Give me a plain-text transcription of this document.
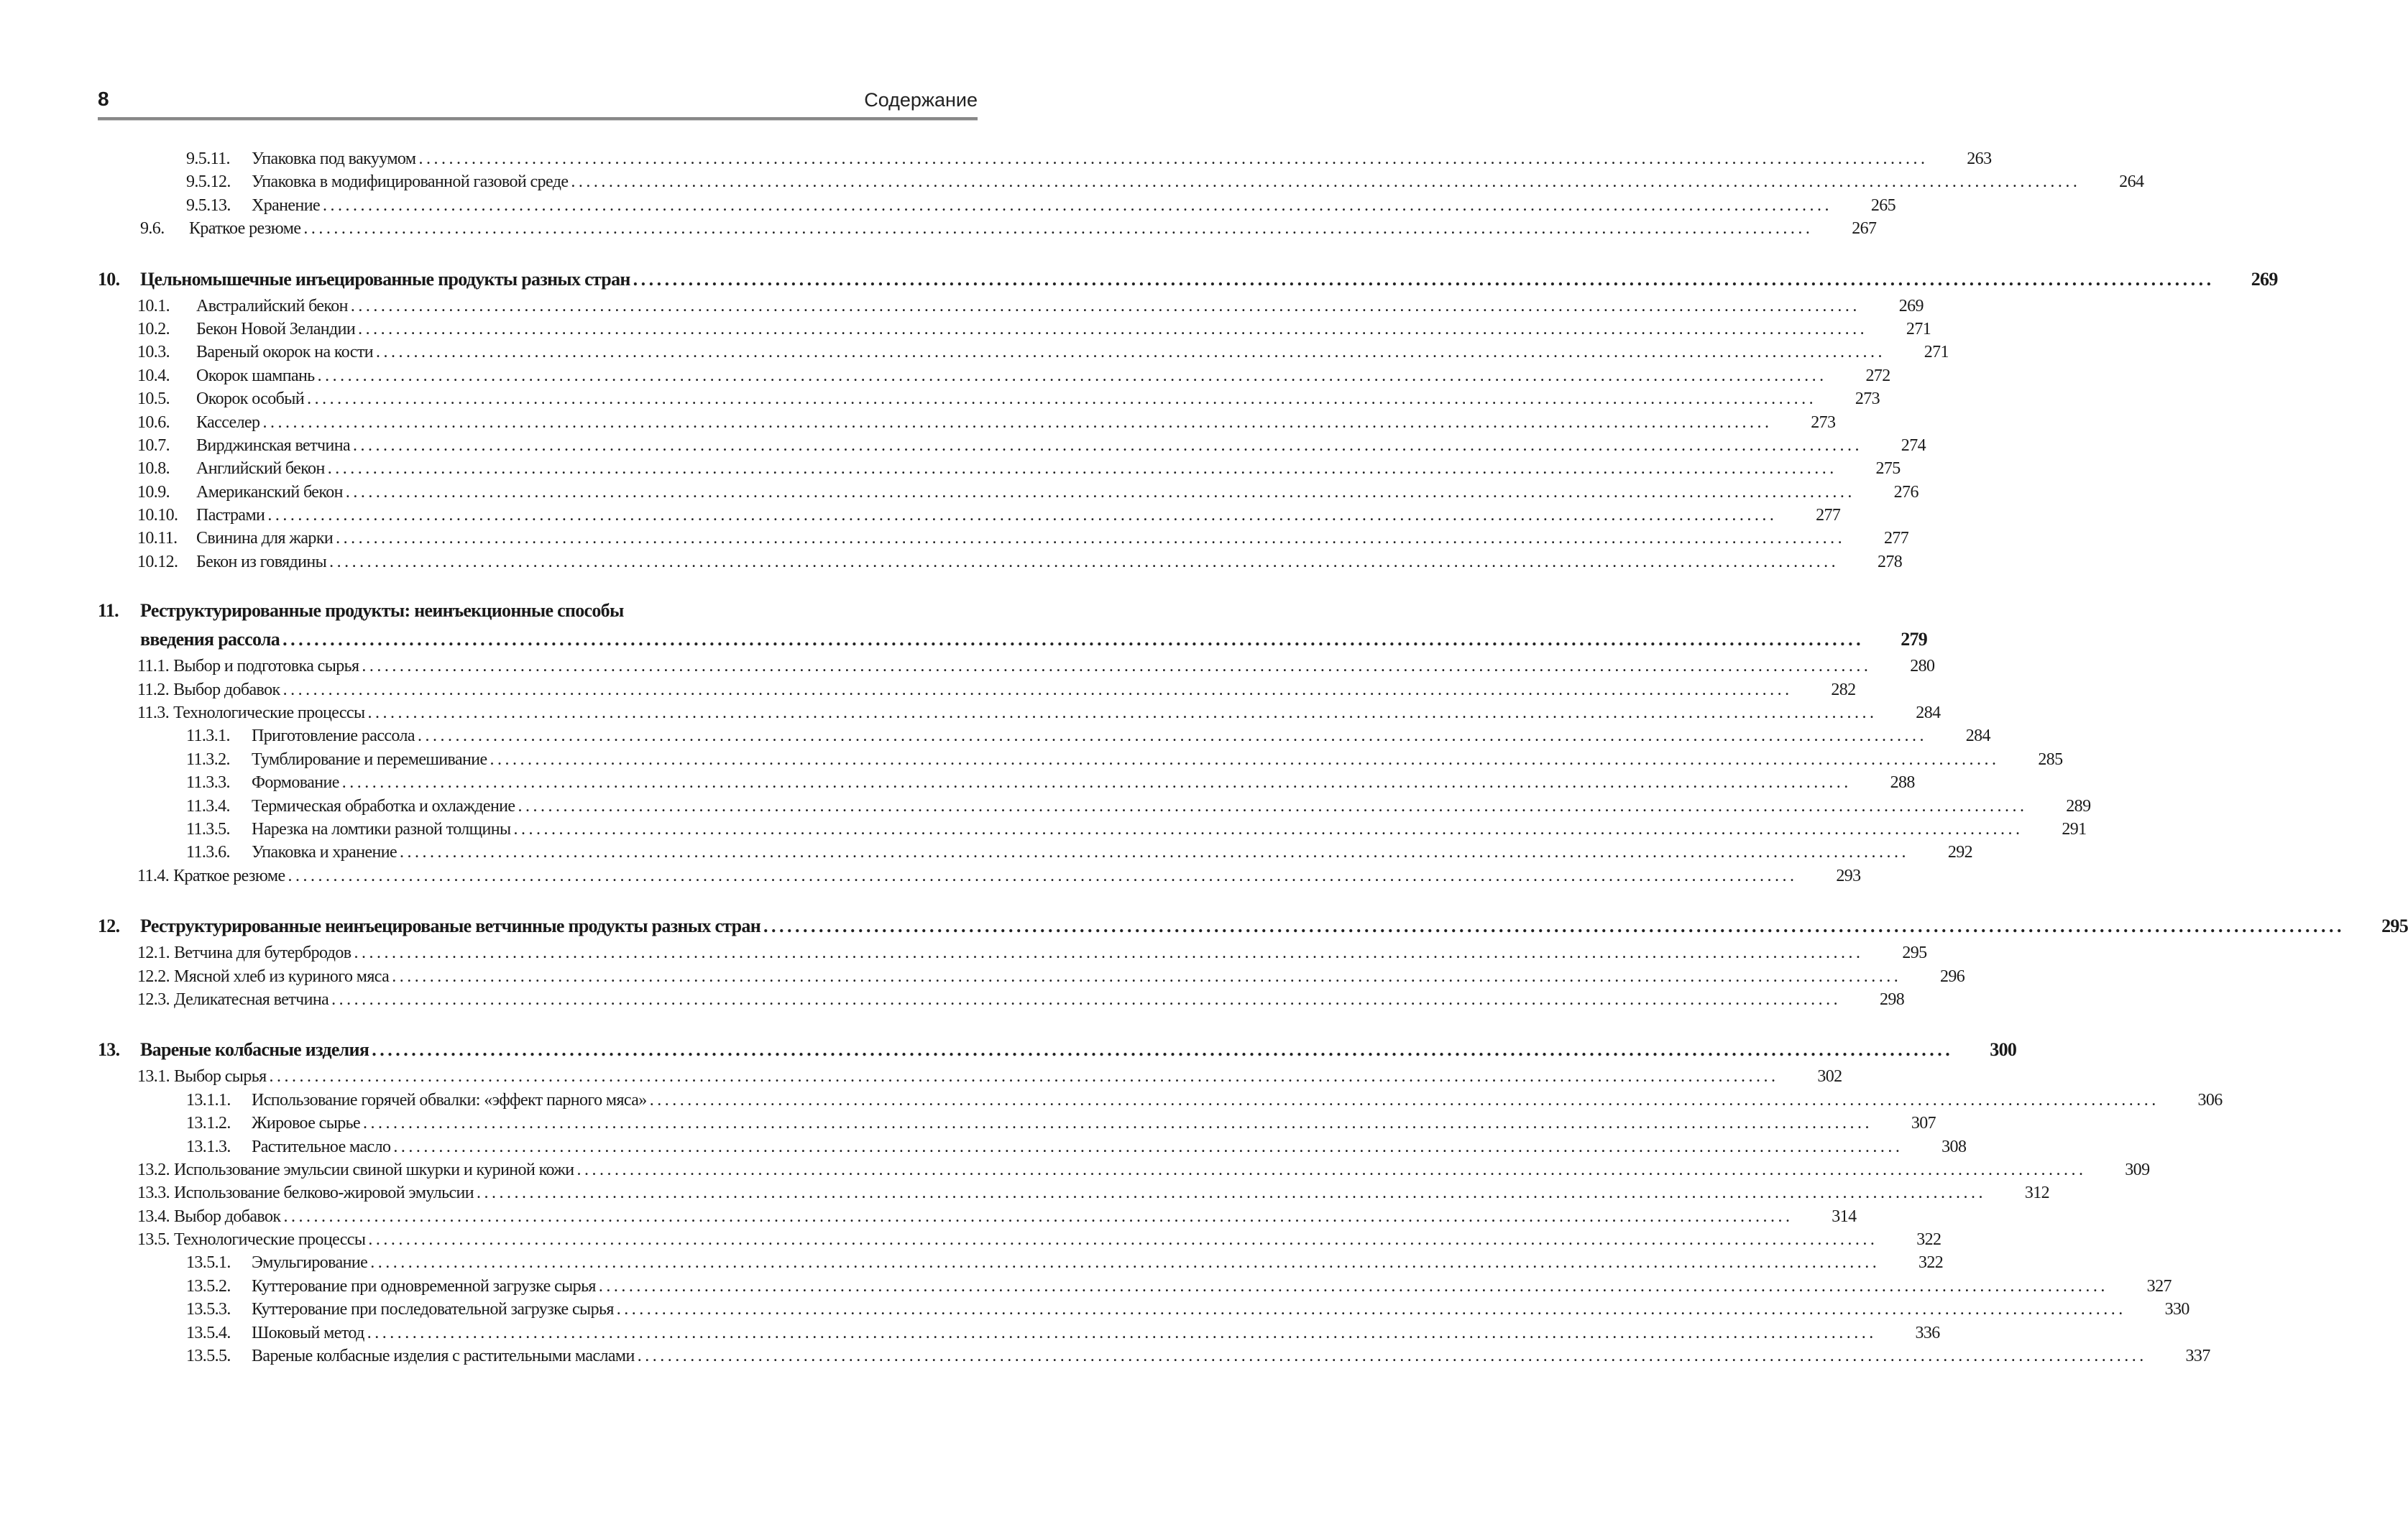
8	Содержание
9.5.11.	Упаковка под вакуумом ........................................................................................................................................................................................................	263
9.5.12.	Упаковка в модифицированной газовой среде ........................................................................................................................................................................................................	264
9.5.13.	Хранение ........................................................................................................................................................................................................	265
9.6.	Краткое резюме ........................................................................................................................................................................................................	267
10.	Цельномышечные инъецированные продукты разных стран ........................................................................................................................................................................................................	269
10.1.	Австралийский бекон ........................................................................................................................................................................................................	269
10.2.	Бекон Новой Зеландии ........................................................................................................................................................................................................	271
10.3.	Вареный окорок на кости ........................................................................................................................................................................................................	271
10.4.	Окорок шампань ........................................................................................................................................................................................................	272
10.5.	Окорок особый ........................................................................................................................................................................................................	273
10.6.	Касселер ........................................................................................................................................................................................................	273
10.7.	Вирджинская ветчина ........................................................................................................................................................................................................	274
10.8.	Английский бекон ........................................................................................................................................................................................................	275
10.9.	Американский бекон ........................................................................................................................................................................................................	276
10.10.	Пастрами ........................................................................................................................................................................................................	277
10.11.	Свинина для жарки ........................................................................................................................................................................................................	277
10.12.	Бекон из говядины ........................................................................................................................................................................................................	278
11.	Реструктурированные продукты: неинъекционные способы
введения рассола ........................................................................................................................................................................................................	279
11.1. Выбор и подготовка сырья ........................................................................................................................................................................................................	280
11.2. Выбор добавок ........................................................................................................................................................................................................	282
11.3. Технологические процессы ........................................................................................................................................................................................................	284
11.3.1.	Приготовление рассола ........................................................................................................................................................................................................	284
11.3.2.	Тумблирование и перемешивание ........................................................................................................................................................................................................	285
11.3.3.	Формование ........................................................................................................................................................................................................	288
11.3.4.	Термическая обработка и охлаждение ........................................................................................................................................................................................................	289
11.3.5.	Нарезка на ломтики разной толщины ........................................................................................................................................................................................................	291
11.3.6.	Упаковка и хранение ........................................................................................................................................................................................................	292
11.4. Краткое резюме ........................................................................................................................................................................................................	293
12.	Реструктурированные неинъецированые ветчинные продукты разных стран ........................................................................................................................................................................................................	295
12.1. Ветчина для бутербродов ........................................................................................................................................................................................................	295
12.2. Мясной хлеб из куриного мяса ........................................................................................................................................................................................................	296
12.3. Деликатесная ветчина ........................................................................................................................................................................................................	298
13.	Вареные колбасные изделия ........................................................................................................................................................................................................	300
13.1. Выбор сырья ........................................................................................................................................................................................................	302
13.1.1.	Использование горячей обвалки: «эффект парного мяса» ........................................................................................................................................................................................................	306
13.1.2.	Жировое сырье ........................................................................................................................................................................................................	307
13.1.3.	Растительное масло ........................................................................................................................................................................................................	308
13.2. Использование эмульсии свиной шкурки и куриной кожи ........................................................................................................................................................................................................	309
13.3. Использование белково-жировой эмульсии ........................................................................................................................................................................................................	312
13.4. Выбор добавок ........................................................................................................................................................................................................	314
13.5. Технологические процессы ........................................................................................................................................................................................................	322
13.5.1.	Эмульгирование ........................................................................................................................................................................................................	322
13.5.2.	Куттерование при одновременной загрузке сырья ........................................................................................................................................................................................................	327
13.5.3.	Куттерование при последовательной загрузке сырья ........................................................................................................................................................................................................	330
13.5.4.	Шоковый метод ........................................................................................................................................................................................................	336
13.5.5.	Вареные колбасные изделия с растительными маслами ........................................................................................................................................................................................................	337
